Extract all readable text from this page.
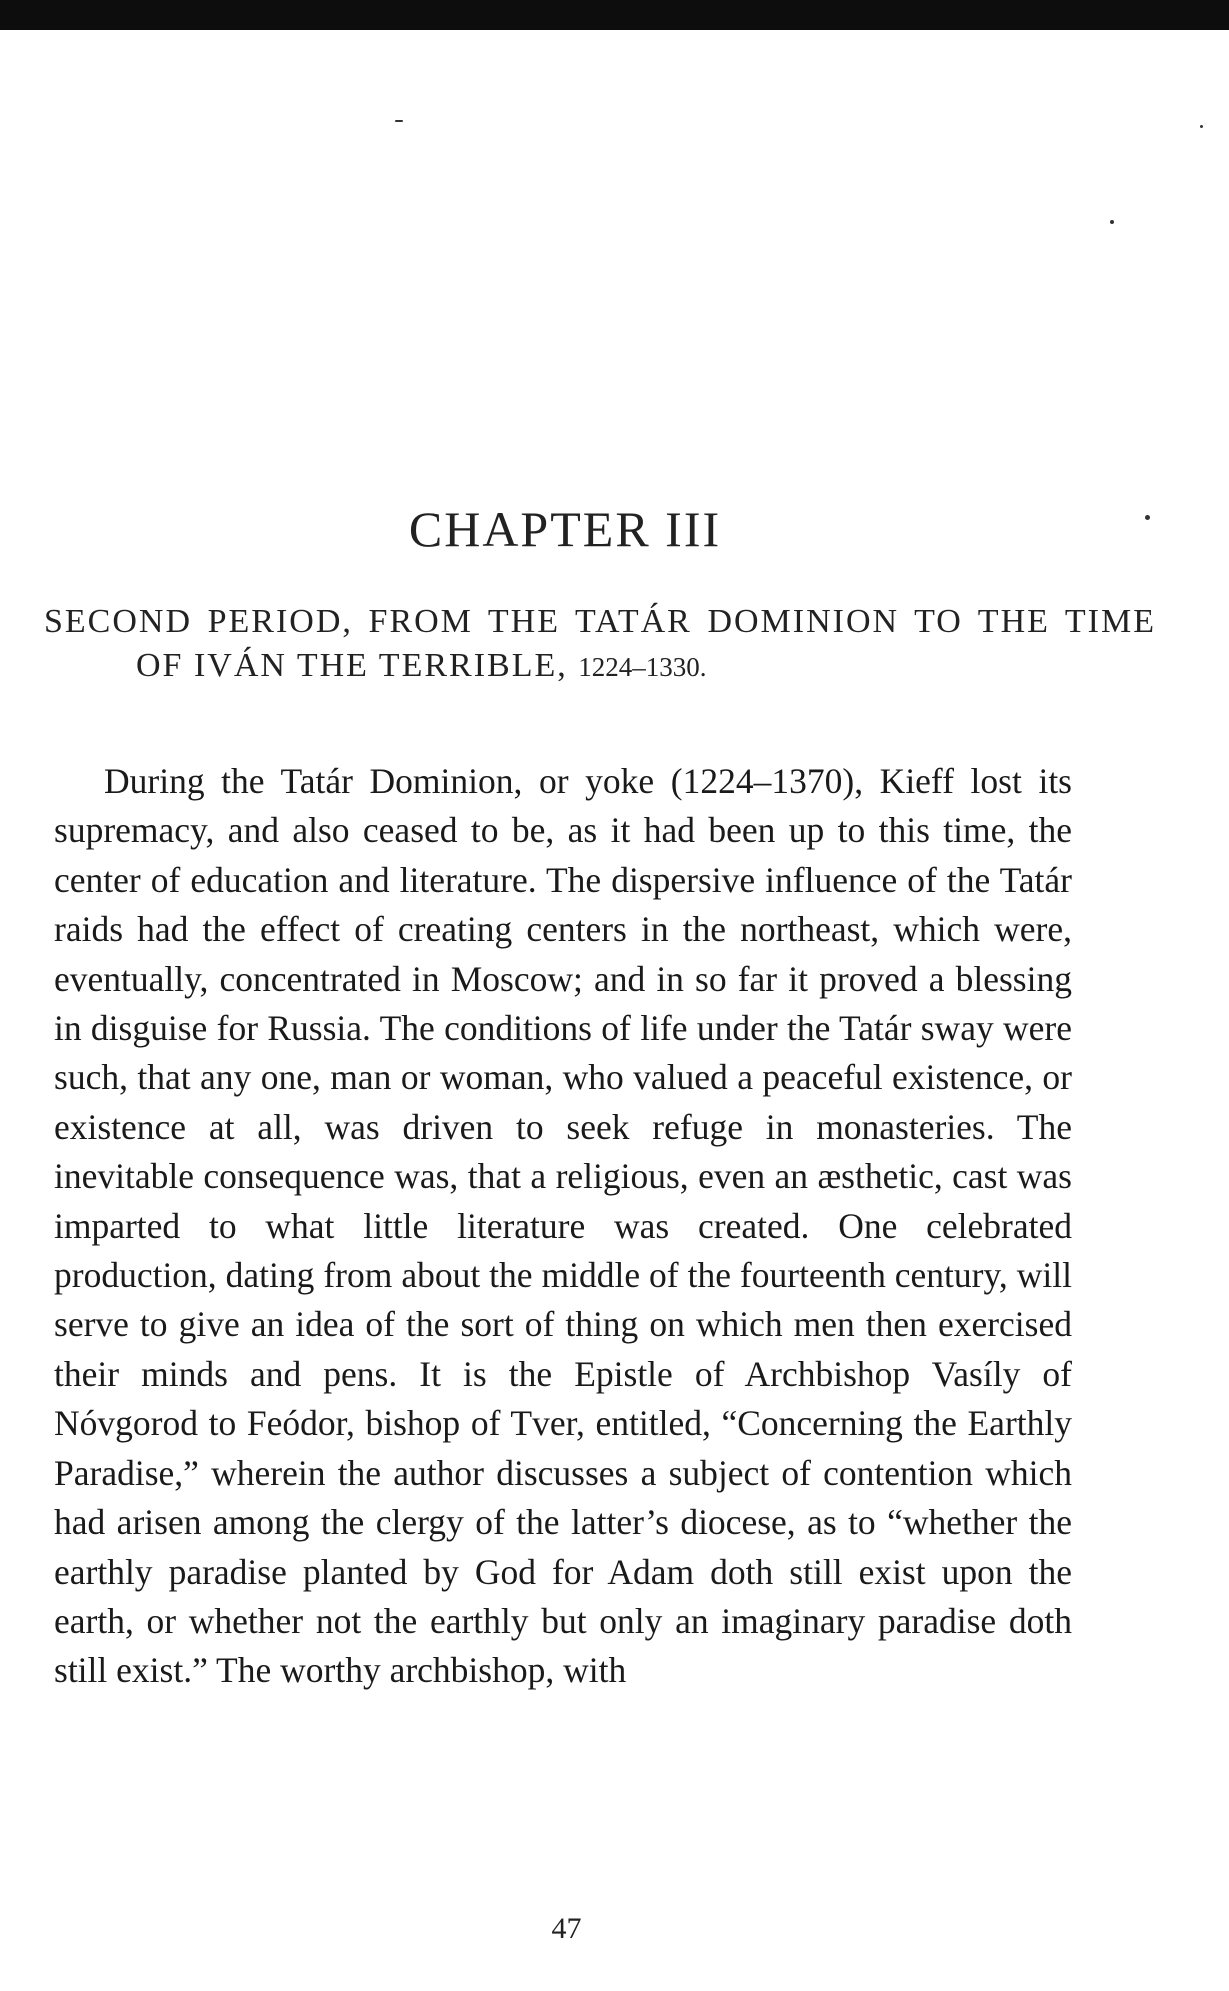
CHAPTER III
SECOND PERIOD, FROM THE TATÁR DOMINION TO THE TIME OF IVÁN THE TERRIBLE, 1224–1330.

During the Tatár Dominion, or yoke (1224–1370), Kieff lost its supremacy, and also ceased to be, as it had been up to this time, the center of education and literature. The dispersive influence of the Tatár raids had the effect of creating centers in the northeast, which were, eventually, concentrated in Moscow; and in so far it proved a blessing in disguise for Russia. The conditions of life under the Tatár sway were such, that any one, man or woman, who valued a peaceful existence, or existence at all, was driven to seek refuge in monasteries. The inevitable consequence was, that a religious, even an æsthetic, cast was imparted to what little literature was created. One celebrated production, dating from about the middle of the fourteenth century, will serve to give an idea of the sort of thing on which men then exercised their minds and pens. It is the Epistle of Archbishop Vasíly of Nóvgorod to Feódor, bishop of Tver, entitled, “Concerning the Earthly Paradise,” wherein the author discusses a subject of contention which had arisen among the clergy of the latter’s diocese, as to “whether the earthly paradise planted by God for Adam doth still exist upon the earth, or whether not the earthly but only an imaginary paradise doth still exist.” The worthy archbishop, with

47
